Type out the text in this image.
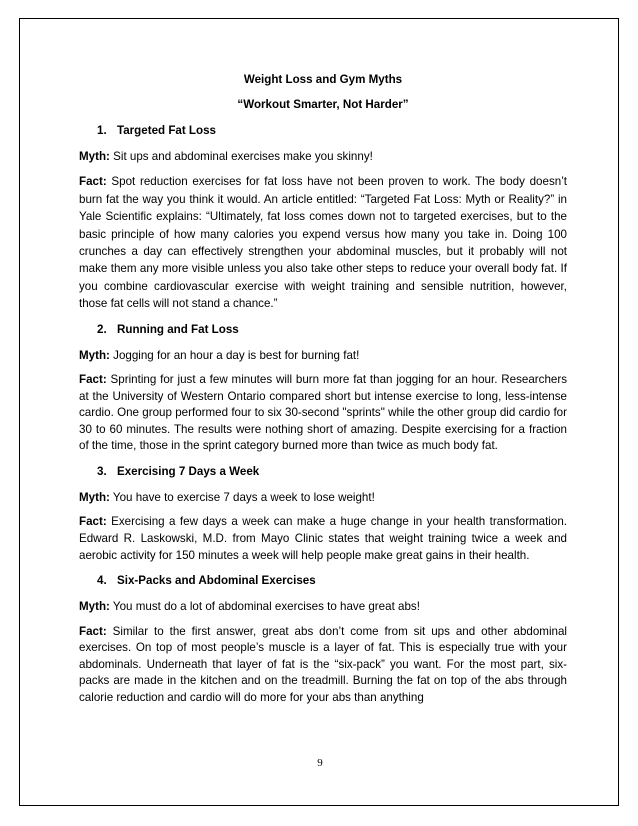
Weight Loss and Gym Myths

“Workout Smarter, Not Harder”

1. Targeted Fat Loss

Myth: Sit ups and abdominal exercises make you skinny!

Fact: Spot reduction exercises for fat loss have not been proven to work. The body doesn’t burn fat the way you think it would. An article entitled: “Targeted Fat Loss: Myth or Reality?” in Yale Scientific explains: “Ultimately, fat loss comes down not to targeted exercises, but to the basic principle of how many calories you expend versus how many you take in. Doing 100 crunches a day can effectively strengthen your abdominal muscles, but it probably will not make them any more visible unless you also take other steps to reduce your overall body fat. If you combine cardiovascular exercise with weight training and sensible nutrition, however, those fat cells will not stand a chance.”

2. Running and Fat Loss

Myth: Jogging for an hour a day is best for burning fat!

Fact: Sprinting for just a few minutes will burn more fat than jogging for an hour. Researchers at the University of Western Ontario compared short but intense exercise to long, less-intense cardio. One group performed four to six 30-second "sprints" while the other group did cardio for 30 to 60 minutes. The results were nothing short of amazing. Despite exercising for a fraction of the time, those in the sprint category burned more than twice as much body fat.

3. Exercising 7 Days a Week

Myth: You have to exercise 7 days a week to lose weight!

Fact: Exercising a few days a week can make a huge change in your health transformation. Edward R. Laskowski, M.D. from Mayo Clinic states that weight training twice a week and aerobic activity for 150 minutes a week will help people make great gains in their health.

4. Six-Packs and Abdominal Exercises

Myth: You must do a lot of abdominal exercises to have great abs!

Fact: Similar to the first answer, great abs don’t come from sit ups and other abdominal exercises. On top of most people’s muscle is a layer of fat. This is especially true with your abdominals. Underneath that layer of fat is the “six-pack” you want. For the most part, six-packs are made in the kitchen and on the treadmill. Burning the fat on top of the abs through calorie reduction and cardio will do more for your abs than anything

9
